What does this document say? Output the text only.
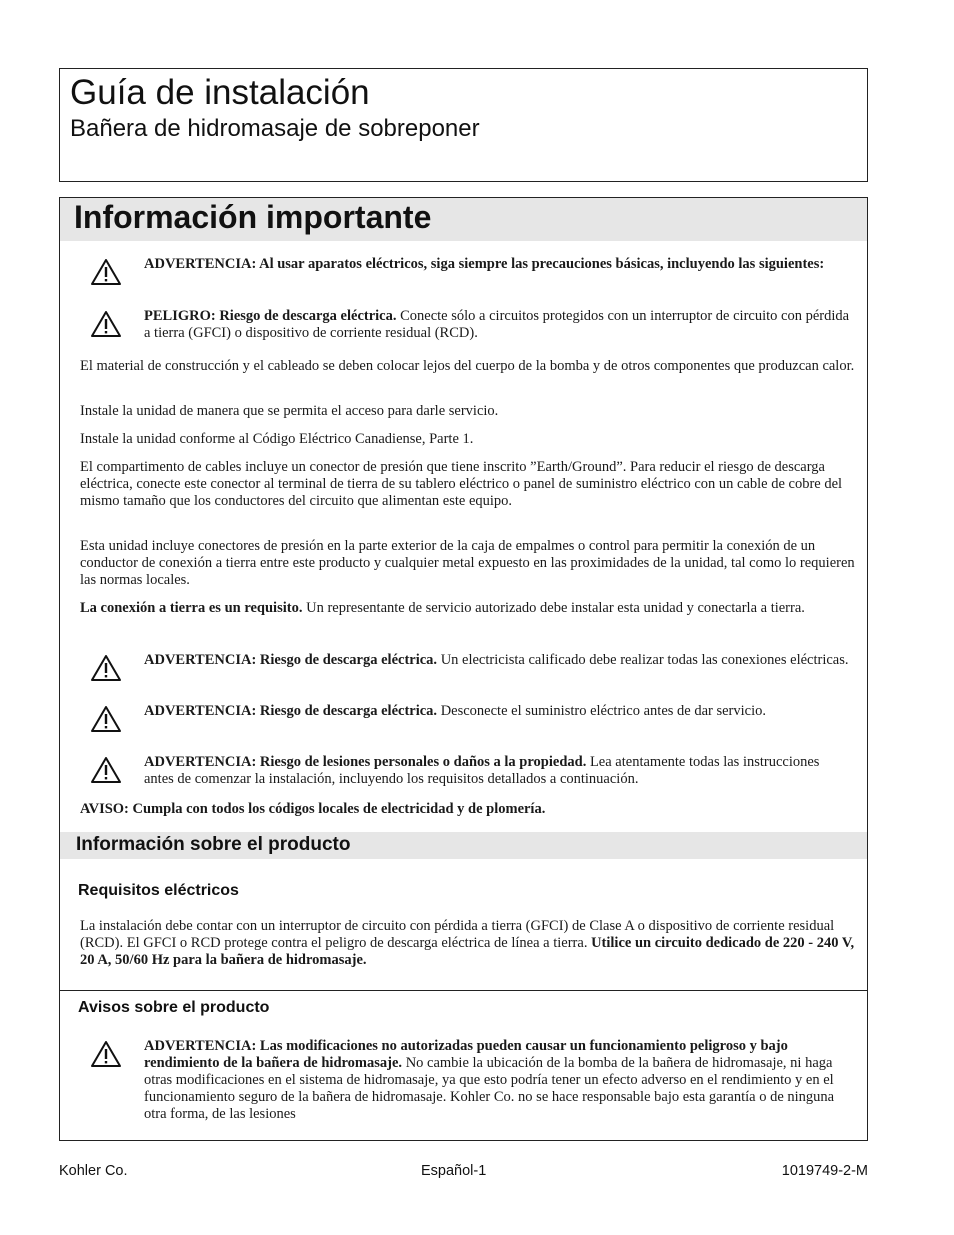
Guía de instalación
Bañera de hidromasaje de sobreponer
Información importante
ADVERTENCIA: Al usar aparatos eléctricos, siga siempre las precauciones básicas, incluyendo las siguientes:
PELIGRO: Riesgo de descarga eléctrica. Conecte sólo a circuitos protegidos con un interruptor de circuito con pérdida a tierra (GFCI) o dispositivo de corriente residual (RCD).

El material de construcción y el cableado se deben colocar lejos del cuerpo de la bomba y de otros componentes que produzcan calor.

Instale la unidad de manera que se permita el acceso para darle servicio.

Instale la unidad conforme al Código Eléctrico Canadiense, Parte 1.

El compartimento de cables incluye un conector de presión que tiene inscrito ”Earth/Ground”. Para reducir el riesgo de descarga eléctrica, conecte este conector al terminal de tierra de su tablero eléctrico o panel de suministro eléctrico con un cable de cobre del mismo tamaño que los conductores del circuito que alimentan este equipo.

Esta unidad incluye conectores de presión en la parte exterior de la caja de empalmes o control para permitir la conexión de un conductor de conexión a tierra entre este producto y cualquier metal expuesto en las proximidades de la unidad, tal como lo requieren las normas locales.

La conexión a tierra es un requisito. Un representante de servicio autorizado debe instalar esta unidad y conectarla a tierra.

ADVERTENCIA: Riesgo de descarga eléctrica. Un electricista calificado debe realizar todas las conexiones eléctricas.
ADVERTENCIA: Riesgo de descarga eléctrica. Desconecte el suministro eléctrico antes de dar servicio.
ADVERTENCIA: Riesgo de lesiones personales o daños a la propiedad. Lea atentamente todas las instrucciones antes de comenzar la instalación, incluyendo los requisitos detallados a continuación.

AVISO: Cumpla con todos los códigos locales de electricidad y de plomería.

Información sobre el producto
Requisitos eléctricos

La instalación debe contar con un interruptor de circuito con pérdida a tierra (GFCI) de Clase A o dispositivo de corriente residual (RCD). El GFCI o RCD protege contra el peligro de descarga eléctrica de línea a tierra. Utilice un circuito dedicado de 220 - 240 V, 20 A, 50/60 Hz para la bañera de hidromasaje.

Avisos sobre el producto
ADVERTENCIA: Las modificaciones no autorizadas pueden causar un funcionamiento peligroso y bajo rendimiento de la bañera de hidromasaje. No cambie la ubicación de la bomba de la bañera de hidromasaje, ni haga otras modificaciones en el sistema de hidromasaje, ya que esto podría tener un efecto adverso en el rendimiento y en el funcionamiento seguro de la bañera de hidromasaje. Kohler Co. no se hace responsable bajo esta garantía o de ninguna otra forma, de las lesiones
Kohler Co.	Español-1	1019749-2-M
